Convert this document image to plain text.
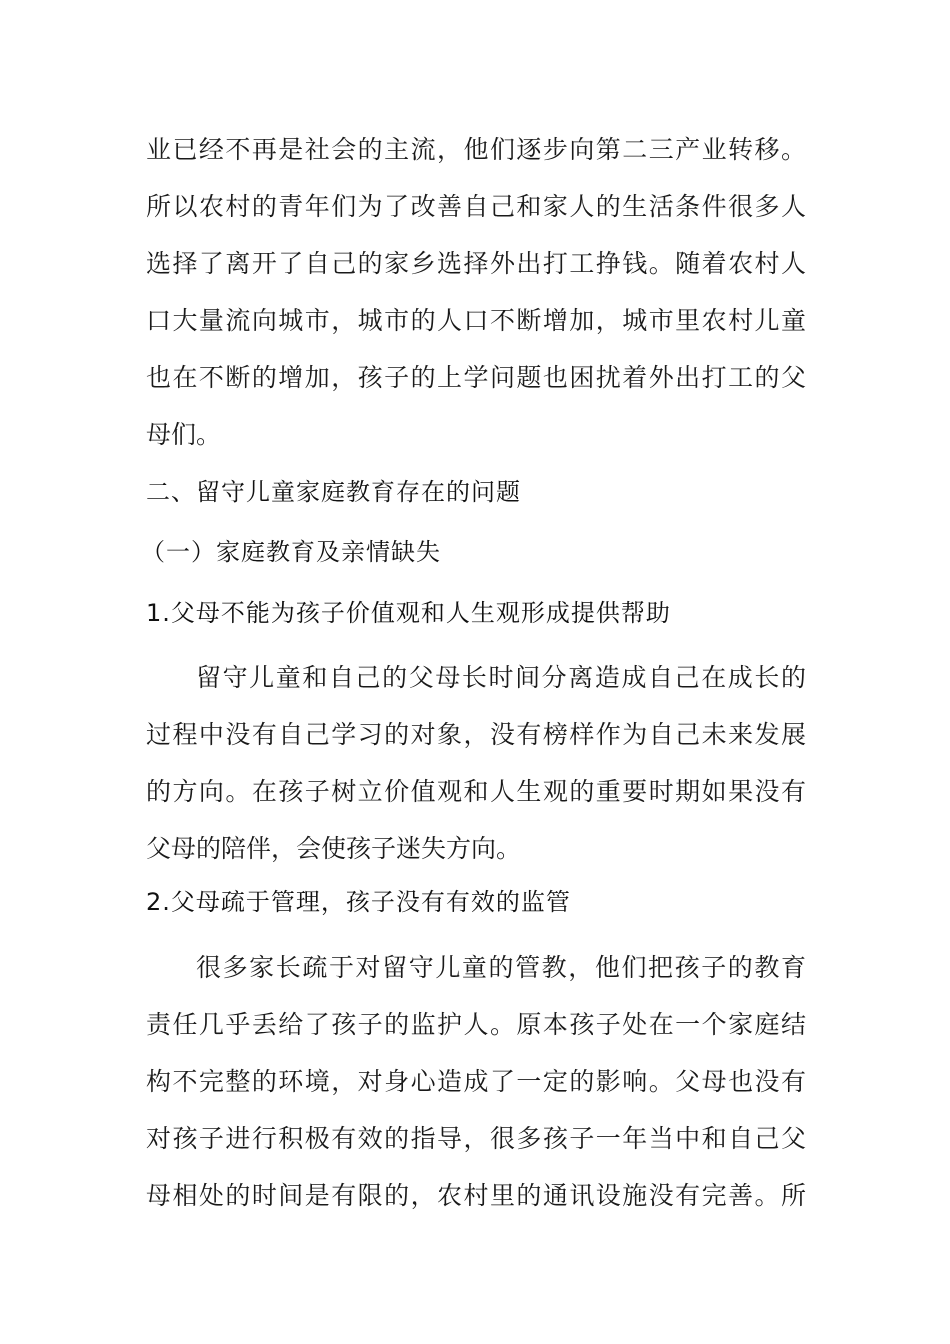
业已经不再是社会的主流，他们逐步向第二三产业转移。
所以农村的青年们为了改善自己和家人的生活条件很多人
选择了离开了自己的家乡选择外出打工挣钱。随着农村人
口大量流向城市，城市的人口不断增加，城市里农村儿童
也在不断的增加，孩子的上学问题也困扰着外出打工的父
母们。
二、留守儿童家庭教育存在的问题
（一）家庭教育及亲情缺失
1.父母不能为孩子价值观和人生观形成提供帮助
留守儿童和自己的父母长时间分离造成自己在成长的
过程中没有自己学习的对象，没有榜样作为自己未来发展
的方向。在孩子树立价值观和人生观的重要时期如果没有
父母的陪伴，会使孩子迷失方向。
2.父母疏于管理，孩子没有有效的监管
很多家长疏于对留守儿童的管教，他们把孩子的教育
责任几乎丢给了孩子的监护人。原本孩子处在一个家庭结
构不完整的环境，对身心造成了一定的影响。父母也没有
对孩子进行积极有效的指导，很多孩子一年当中和自己父
母相处的时间是有限的，农村里的通讯设施没有完善。所
